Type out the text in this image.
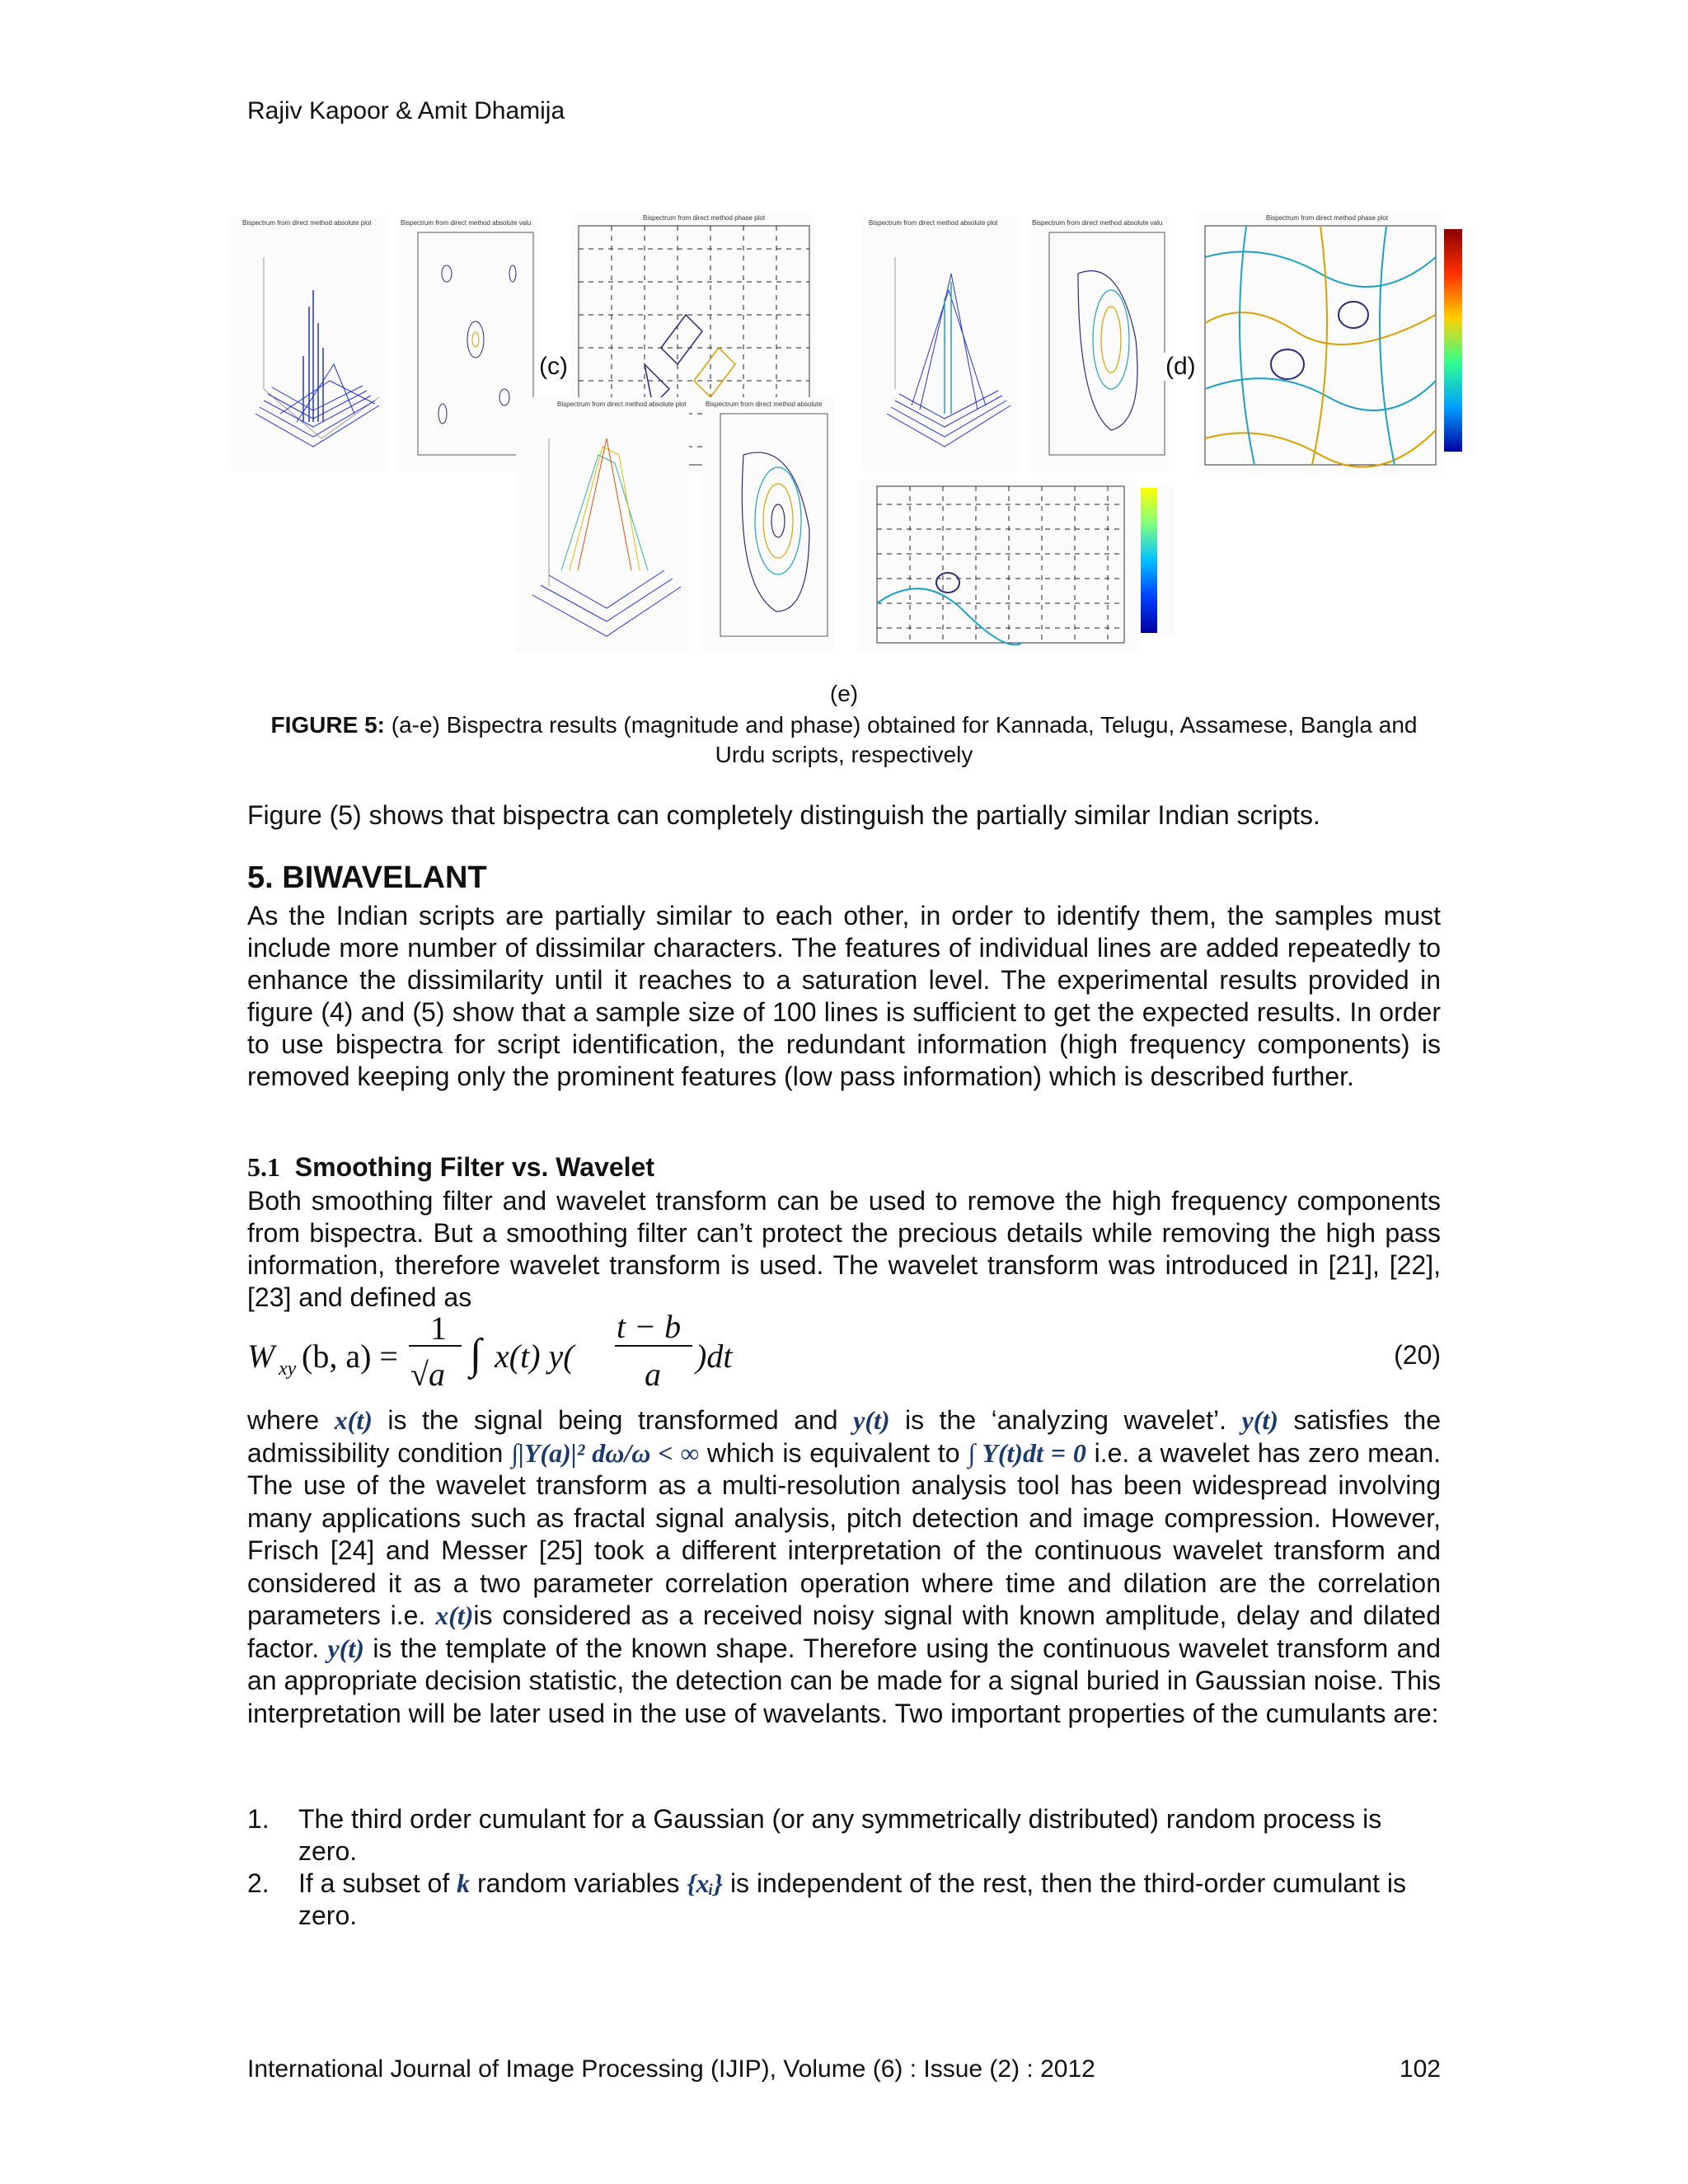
Rajiv Kapoor & Amit Dhamija
Bispectrum from direct method absolute plot	Bispectrum from direct method absolute valu
Bispectrum from direct method phase plot
(c)
Bispectrum from direct method absolute plot	Bispectrum from direct method absolute valu
Bispectrum from direct method phase plot
(d)
Bispectrum from direct method absolute plot	Bispectrum from direct method absolute
(e)
FIGURE 5: (a-e) Bispectra results (magnitude and phase) obtained for Kannada, Telugu, Assamese, Bangla and Urdu scripts, respectively
Figure (5) shows that bispectra can completely distinguish the partially similar Indian scripts.
5. BIWAVELANT
As the Indian scripts are partially similar to each other, in order to identify them, the samples must include more number of dissimilar characters. The features of individual lines are added repeatedly to enhance the dissimilarity until it reaches to a saturation level. The experimental results provided in figure (4) and (5) show that a sample size of 100 lines is sufficient to get the expected results. In order to use bispectra for script identification, the redundant information (high frequency components) is removed keeping only the prominent features (low pass information) which is described further.
5.1 Smoothing Filter vs. Wavelet
Both smoothing filter and wavelet transform can be used to remove the high frequency components from bispectra. But a smoothing filter can’t protect the precious details while removing the high pass information, therefore wavelet transform is used. The wavelet transform was introduced in [21], [22], [23] and defined as
W xy (b, a) =
1
√a ∫ x(t) y(
t − b
a )dt	(20)
where x(t) is the signal being transformed and y(t) is the ‘analyzing wavelet’. y(t) satisfies the admissibility condition ∫|Y(a)|² dω/ω < ∞ which is equivalent to ∫ Y(t)dt = 0 i.e. a wavelet has zero mean. The use of the wavelet transform as a multi-resolution analysis tool has been widespread involving many applications such as fractal signal analysis, pitch detection and image compression. However, Frisch [24] and Messer [25] took a different interpretation of the continuous wavelet transform and considered it as a two parameter correlation operation where time and dilation are the correlation parameters i.e. x(t)is considered as a received noisy signal with known amplitude, delay and dilated factor. y(t) is the template of the known shape. Therefore using the continuous wavelet transform and an appropriate decision statistic, the detection can be made for a signal buried in Gaussian noise. This interpretation will be later used in the use of wavelants. Two important properties of the cumulants are:
1. The third order cumulant for a Gaussian (or any symmetrically distributed) random process is zero.
2. If a subset of k random variables {xᵢ} is independent of the rest, then the third-order cumulant is zero.
International Journal of Image Processing (IJIP), Volume (6) : Issue (2) : 2012	102
